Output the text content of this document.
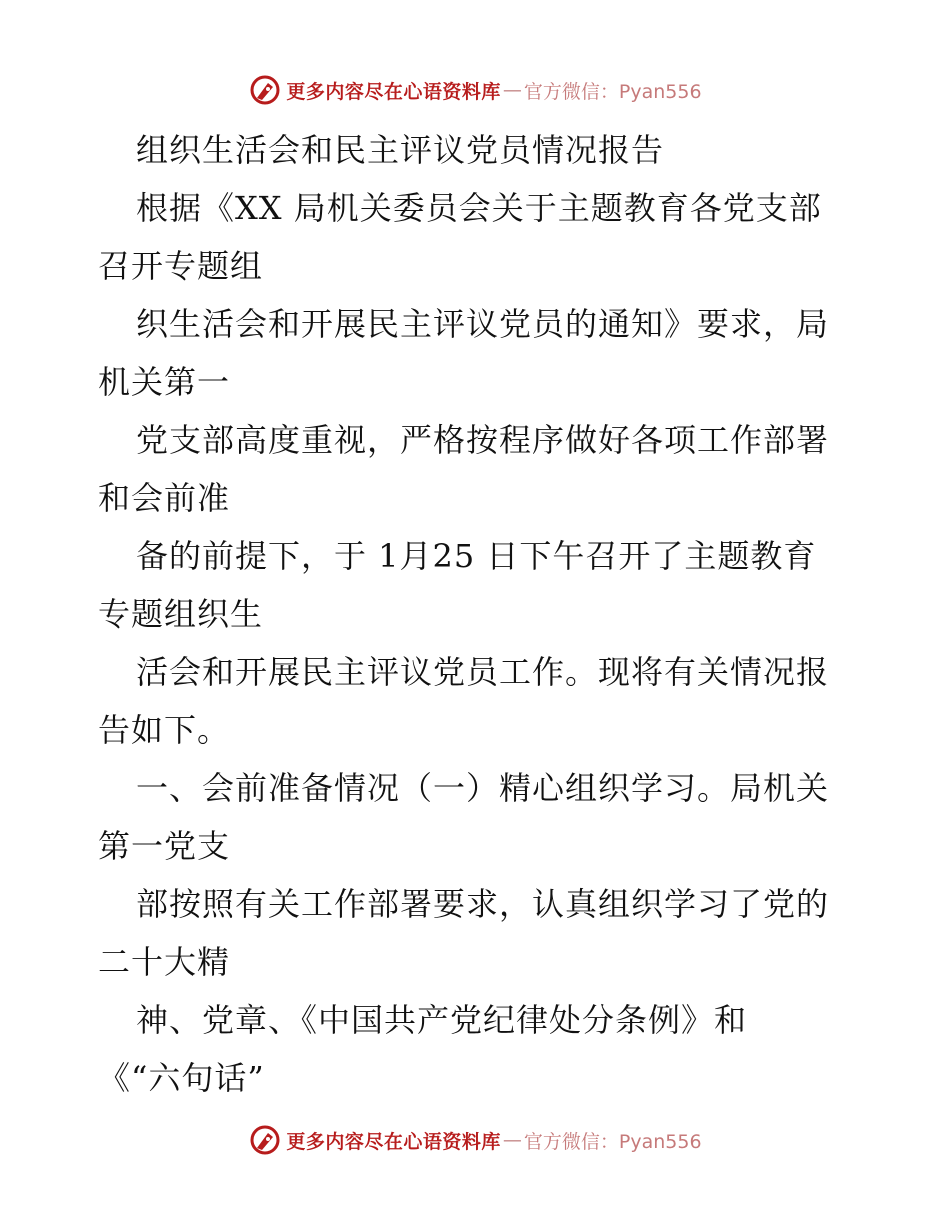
更多内容尽在心语资料库 — 官方微信：Pyan556
组织生活会和民主评议党员情况报告
根据《XX 局机关委员会关于主题教育各党支部
召开专题组
织生活会和开展民主评议党员的通知》要求，局
机关第一
党支部高度重视，严格按程序做好各项工作部署
和会前准
备的前提下，于 1月25 日下午召开了主题教育
专题组织生
活会和开展民主评议党员工作。现将有关情况报
告如下。
一、会前准备情况（一）精心组织学习。局机关
第一党支
部按照有关工作部署要求，认真组织学习了党的
二十大精
神、党章、《中国共产党纪律处分条例》和
《“六句话”
更多内容尽在心语资料库 — 官方微信：Pyan556
